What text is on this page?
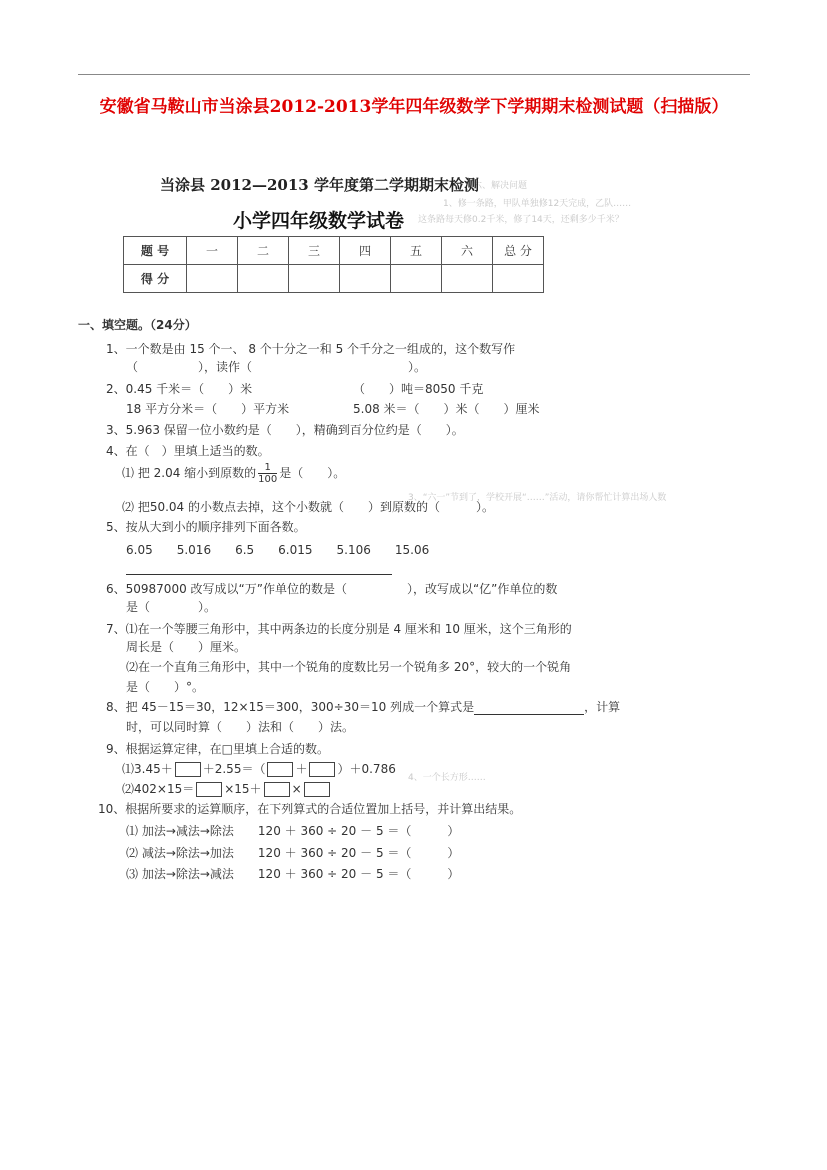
安徽省马鞍山市当涂县2012-2013学年四年级数学下学期期末检测试题（扫描版）
六、解决问题
1、修一条路，甲队单独修12天完成，乙队……
这条路每天修0.2千米，修了14天，还剩多少千米？
3、“六一”节到了，学校开展“……”活动，请你帮忙计算出场人数
4、一个长方形……
当涂县 2012—2013 学年度第二学期期末检测
小学四年级数学试卷
题 号	一	二	三	四	五	六	总 分
得 分							
一、填空题。（24分）
1、一个数是由 15 个一、 8 个十分之一和 5 个千分之一组成的，这个数写作
（　　　　　），读作（　　　　　　　　　　　　　）。
2、0.45 千米＝（　　）米	（　　）吨＝8050 千克
18 平方分米＝（　　）平方米	5.08 米＝（　　）米（　　）厘米
3、5.963 保留一位小数约是（　　），精确到百分位约是（　　）。
4、在（　）里填上适当的数。
⑴ 把 2.04 缩小到原数的 $\frac{1}{100}$ 是（　　）。
⑵ 把50.04 的小数点去掉，这个小数就（　　）到原数的（　　　）。
5、按从大到小的顺序排列下面各数。
6.05　　5.016　　6.5　　6.015　　5.106　　15.06
6、50987000 改写成以“万”作单位的数是（　　　　　），改写成以“亿”作单位的数
是（　　　　）。
7、⑴在一个等腰三角形中，其中两条边的长度分别是 4 厘米和 10 厘米，这个三角形的
周长是（　　）厘米。
⑵在一个直角三角形中，其中一个锐角的度数比另一个锐角多 20°，较大的一个锐角
是（　　）°。
8、把 45－15＝30，12×15＝300，300÷30＝10 列成一个算式是	，计算
时，可以同时算（　　）法和（　　）法。
9、根据运算定律，在□里填上合适的数。
⑴3.45＋	＋2.55＝（	＋	）＋0.786
⑵402×15＝	×15＋	×
10、根据所要求的运算顺序，在下列算式的合适位置加上括号，并计算出结果。
⑴ 加法→减法→除法　　120 ＋ 360 ÷ 20 － 5 ＝（　　　）
⑵ 减法→除法→加法　　120 ＋ 360 ÷ 20 － 5 ＝（　　　）
⑶ 加法→除法→减法　　120 ＋ 360 ÷ 20 － 5 ＝（　　　）
